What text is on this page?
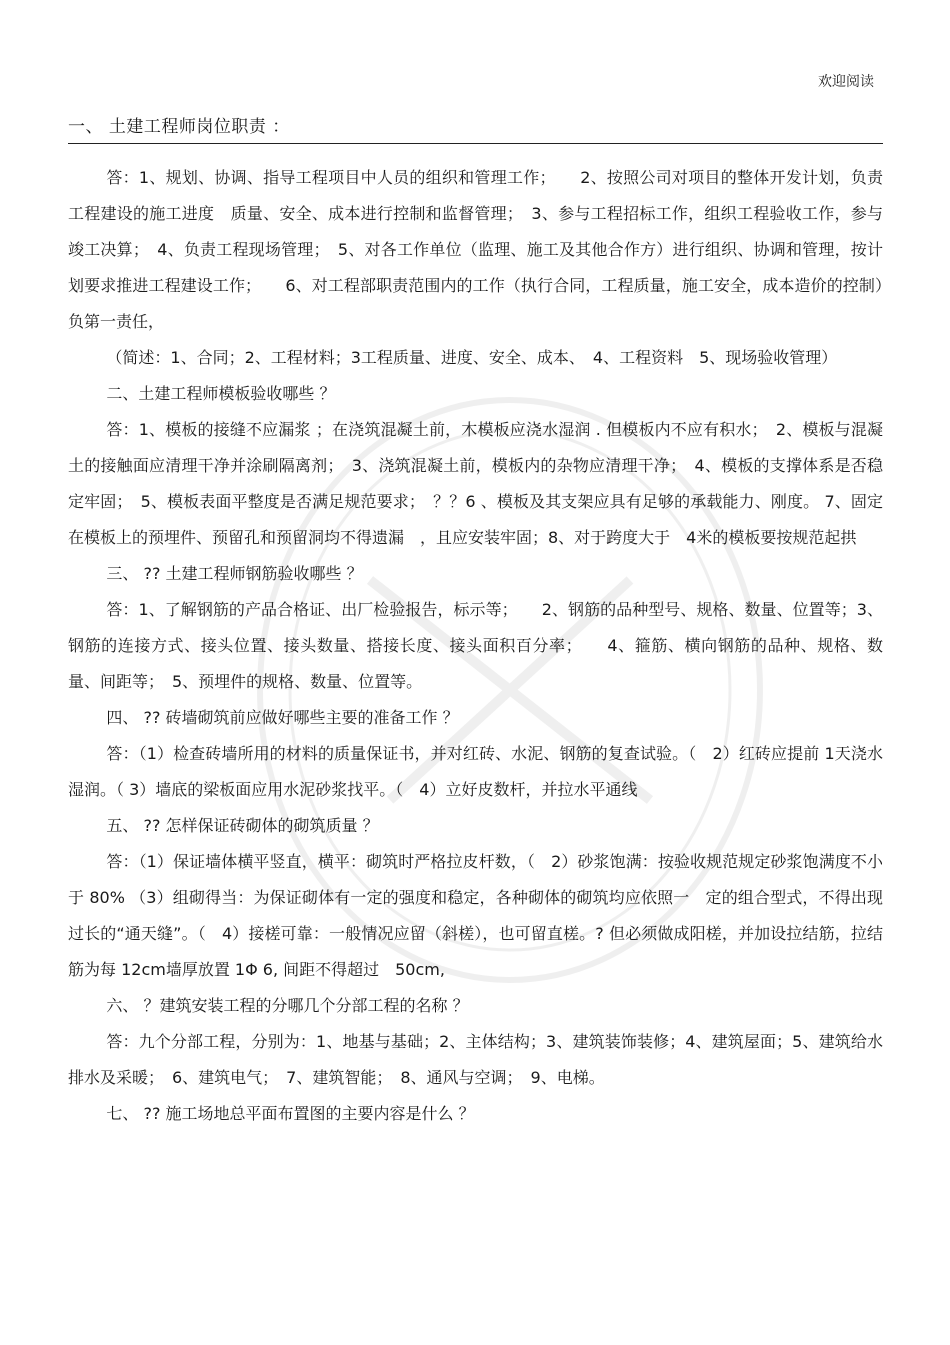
欢迎阅读
一、 土建工程师岗位职责 ：

答：1、规划、协调、指导工程项目中人员的组织和管理工作；　　2、按照公司对项目的整体开发计划，负责工程建设的施工进度　质量、安全、成本进行控制和监督管理；　3、参与工程招标工作，组织工程验收工作，参与竣工决算；　4、负责工程现场管理；　5、对各工作单位（监理、施工及其他合作方）进行组织、协调和管理，按计划要求推进工程建设工作；　　6、对工程部职责范围内的工作（执行合同，工程质量，施工安全，成本造价的控制）负第一责任，

（简述：1、合同；2、工程材料；3工程质量、进度、安全、成本、　4、工程资料　5、现场验收管理）

二、土建工程师模板验收哪些 ？

答：1、模板的接缝不应漏浆 ；在浇筑混凝土前，木模板应浇水湿润 . 但模板内不应有积水；　2、模板与混凝土的接触面应清理干净并涂刷隔离剂；　3、浇筑混凝土前，模板内的杂物应清理干净；　4、模板的支撑体系是否稳定牢固；　5、模板表面平整度是否满足规范要求；　？？6 、模板及其支架应具有足够的承载能力、刚度。 7、固定在模板上的预埋件、预留孔和预留洞均不得遗漏　，且应安装牢固；8、对于跨度大于　4米的模板要按规范起拱

三、 ?? 土建工程师钢筋验收哪些 ？

答：1、了解钢筋的产品合格证、出厂检验报告，标示等；　　2、钢筋的品种型号、规格、数量、位置等；3、钢筋的连接方式、接头位置、接头数量、搭接长度、接头面积百分率；　　4、箍筋、横向钢筋的品种、规格、数量、间距等；　5、预埋件的规格、数量、位置等。

四、 ?? 砖墙砌筑前应做好哪些主要的准备工作 ？

答：（1）检查砖墙所用的材料的质量保证书，并对红砖、水泥、钢筋的复查试验。（　2）红砖应提前 1天浇水湿润。（ 3）墙底的梁板面应用水泥砂浆找平。（　4）立好皮数杆，并拉水平通线

五、 ?? 怎样保证砖砌体的砌筑质量 ？

答：（1）保证墙体横平竖直，横平：砌筑时严格拉皮杆数，（　2）砂浆饱满：按验收规范规定砂浆饱满度不小于 80% （3）组砌得当：为保证砌体有一定的强度和稳定，各种砌体的砌筑均应依照一　定的组合型式，不得出现过长的“通天缝”。（　4）接槎可靠：一般情况应留（斜槎），也可留直槎。? 但必须做成阳槎，并加设拉结筋，拉结筋为每 12cm墙厚放置 1Φ 6, 间距不得超过　50cm,

六、 ？建筑安装工程的分哪几个分部工程的名称 ？

答：九个分部工程，分别为：1、地基与基础；2、主体结构；3、建筑装饰装修；4、建筑屋面；5、建筑给水排水及采暖；　6、建筑电气；　7、建筑智能；　8、通风与空调；　9、电梯。

七、 ?? 施工场地总平面布置图的主要内容是什么 ？
